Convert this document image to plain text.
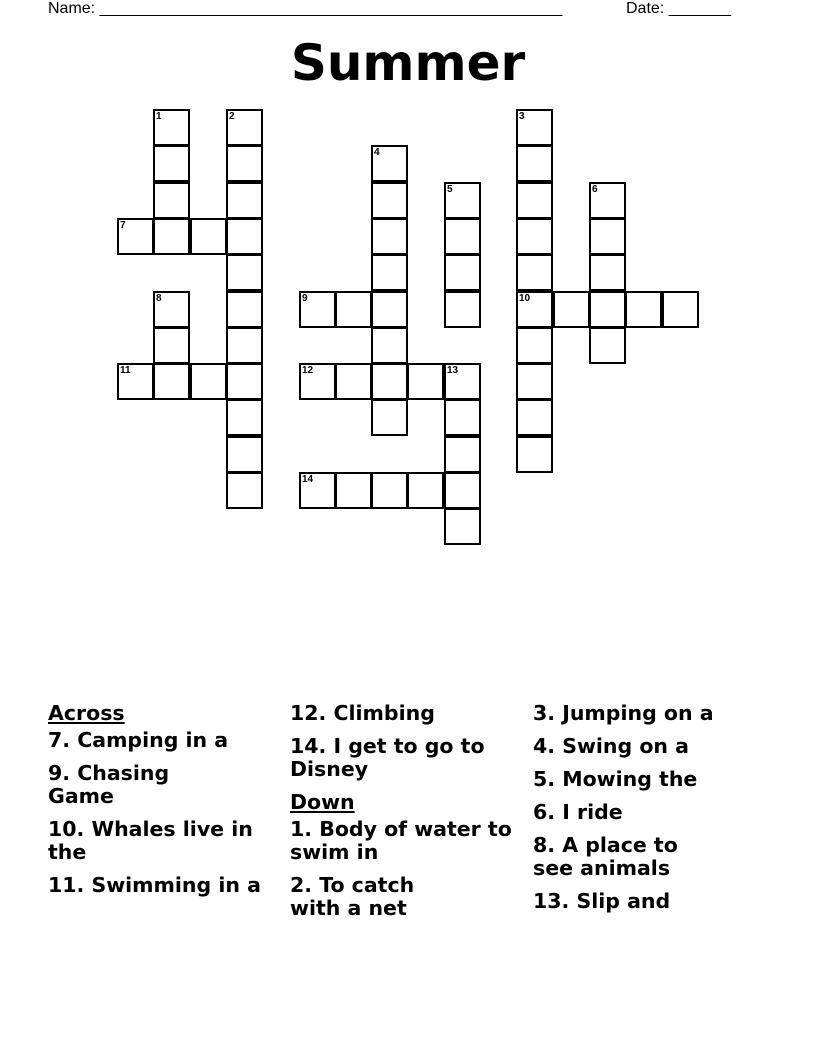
Name: ____________________________________________________	Date: _______
Summer
1	2	3
4
5	6
7
8	9	10
11	12	13
14
Across
7. Camping in a
9. Chasing Game
10. Whales live in the
11. Swimming in a
12. Climbing
14. I get to go to Disney
Down
1. Body of water to swim in
2. To catch with a net
3. Jumping on a
4. Swing on a
5. Mowing the
6. I ride
8. A place to see animals
13. Slip and
